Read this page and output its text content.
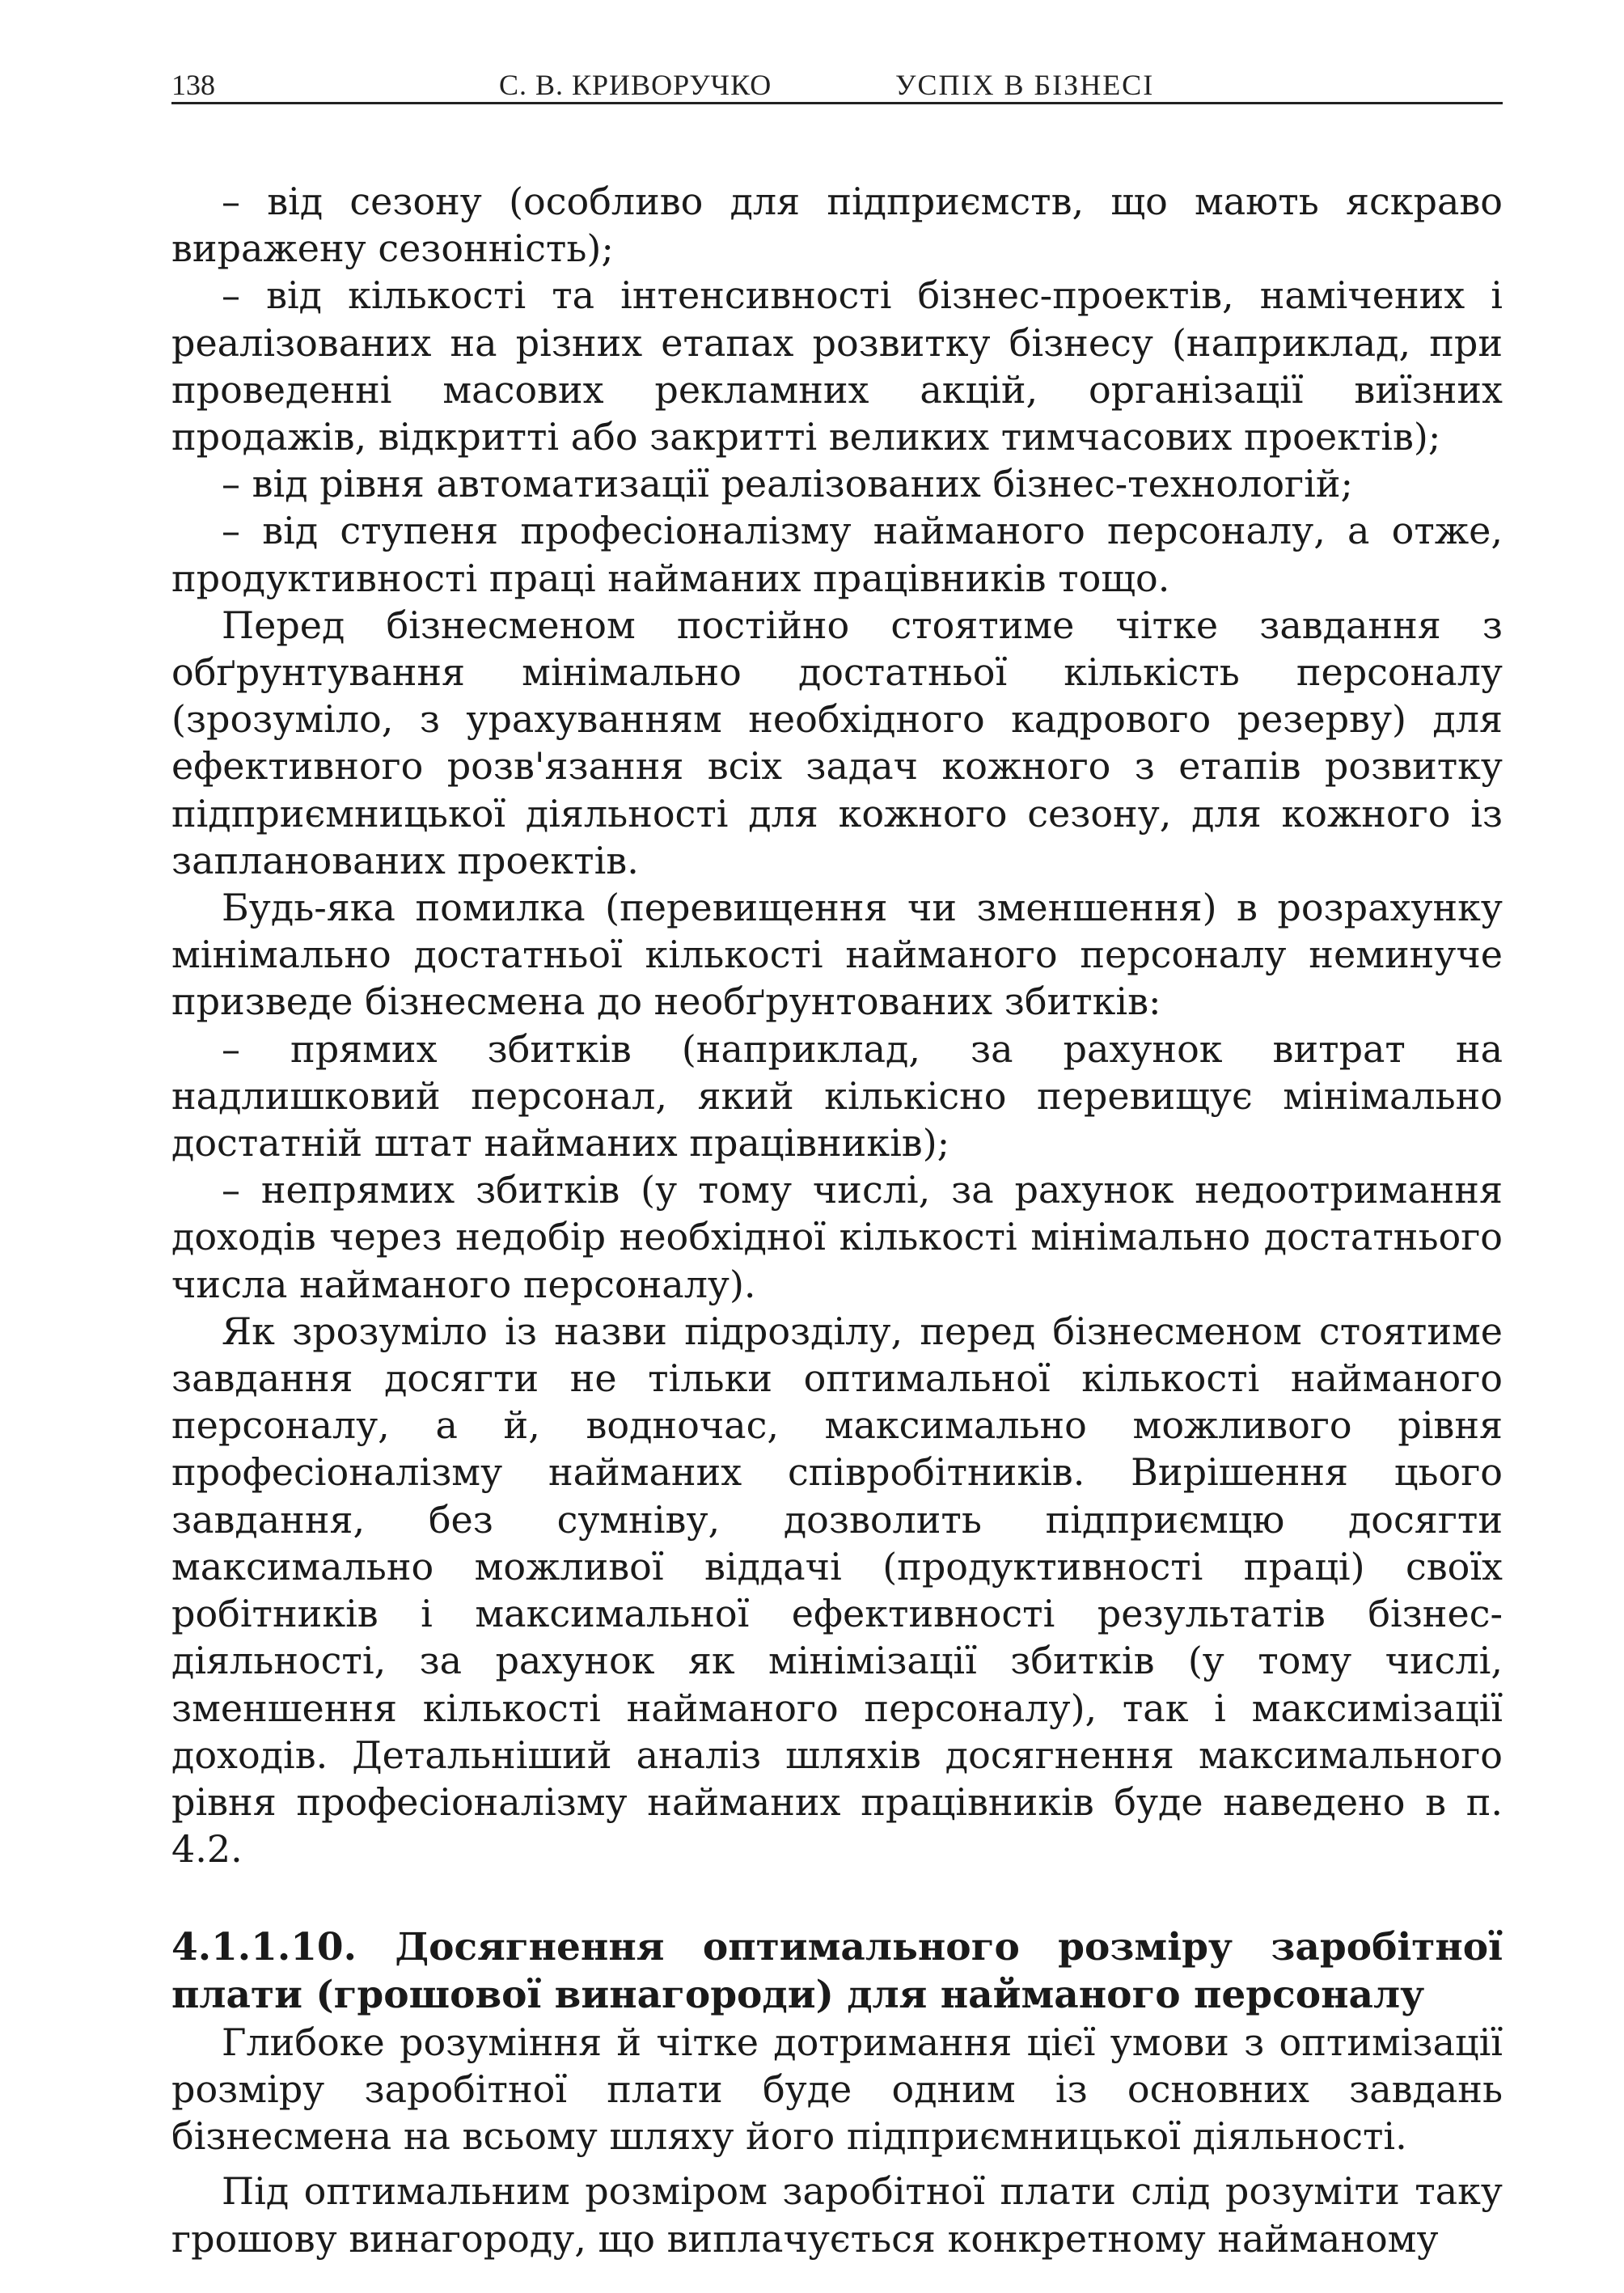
138	С. В. КРИВОРУЧКО	УСПІХ В БІЗНЕСІ

– від сезону (особливо для підприємств, що мають яскраво виражену сезонність);

– від кількості та інтенсивності бізнес-проектів, намічених і реалізованих на різних етапах розвитку бізнесу (наприклад, при проведенні масових рекламних акцій, організації виїзних продажів, відкритті або закритті великих тимчасових проектів);

– від рівня автоматизації реалізованих бізнес-технологій;

– від ступеня професіоналізму найманого персоналу, а отже, продуктивності праці найманих працівників тощо.

Перед бізнесменом постійно стоятиме чітке завдання з обґрунтування мінімально достатньої кількість персоналу (зрозуміло, з урахуванням необхідного кадрового резерву) для ефективного розв'язання всіх задач кожного з етапів розвитку підприємницької діяльності для кожного сезону, для кожного із запланованих проектів.

Будь-яка помилка (перевищення чи зменшення) в розрахунку мінімально достатньої кількості найманого персоналу неминуче призведе бізнесмена до необґрунтованих збитків:

– прямих збитків (наприклад, за рахунок витрат на надлишковий персонал, який кількісно перевищує мінімально достатній штат найманих працівників);

– непрямих збитків (у тому числі, за рахунок недоотримання доходів через недобір необхідної кількості мінімально достатнього числа найманого персоналу).

Як зрозуміло із назви підрозділу, перед бізнесменом стоятиме завдання досягти не тільки оптимальної кількості найманого персоналу, а й, водночас, максимально можливого рівня професіоналізму найманих співробітників. Вирішення цього завдання, без сумніву, дозволить підприємцю досягти максимально можливої віддачі (продуктивності праці) своїх робітників і максимальної ефективності результатів бізнес-діяльності, за рахунок як мінімізації збитків (у тому числі, зменшення кількості найманого персоналу), так і максимізації доходів. Детальніший аналіз шляхів досягнення максимального рівня професіоналізму найманих працівників буде наведено в п. 4.2.

4.1.1.10. Досягнення оптимального розміру заробітної плати (грошової винагороди) для найманого персоналу

Глибоке розуміння й чітке дотримання цієї умови з оптимізації розміру заробітної плати буде одним із основних завдань бізнесмена на всьому шляху його підприємницької діяльності.

Під оптимальним розміром заробітної плати слід розуміти таку грошову винагороду, що виплачується конкретному найманому
